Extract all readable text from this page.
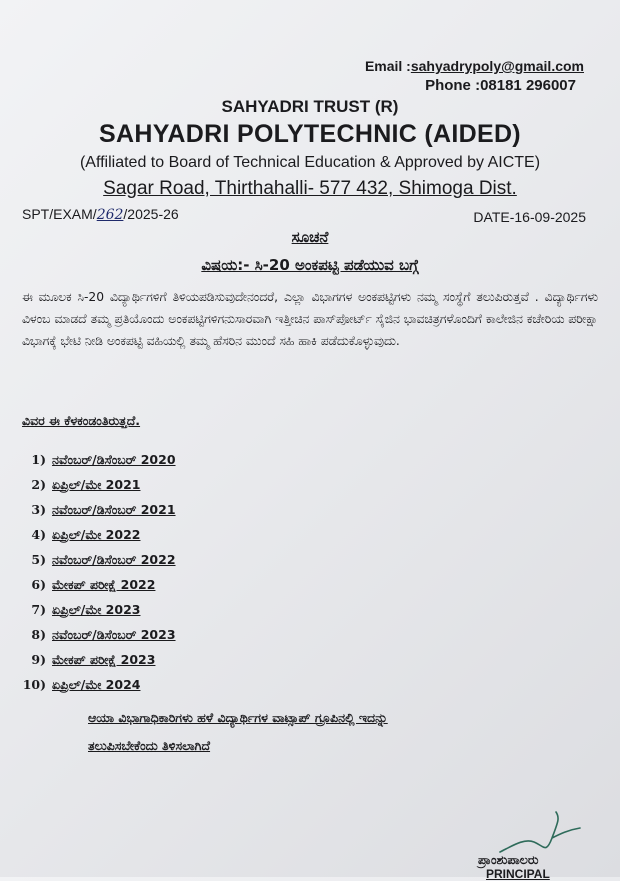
Email :sahyadrypoly@gmail.com
Phone :08181 296007
SAHYADRI TRUST (R)
SAHYADRI POLYTECHNIC (AIDED)
(Affiliated to Board of Technical Education & Approved by AICTE)
Sagar Road, Thirthahalli- 577 432, Shimoga Dist.
SPT/EXAM/262/2025-26	DATE-16-09-2025
ಸೂಚನೆ
ವಿಷಯ:- ಸಿ-20 ಅಂಕಪಟ್ಟಿ ಪಡೆಯುವ ಬಗ್ಗೆ

ಈ ಮೂಲಕ ಸಿ-20 ವಿದ್ಯಾರ್ಥಿಗಳಿಗೆ ತಿಳಿಯಪಡಿಸುವುದೇನಂದರೆ, ಎಲ್ಲಾ ವಿಭಾಗಗಳ ಅಂಕಪಟ್ಟಿಗಳು ನಮ್ಮ ಸಂಸ್ಥೆಗೆ ತಲುಪಿರುತ್ತವೆ . ವಿದ್ಯಾರ್ಥಿಗಳು ವಿಳಂಬ ಮಾಡದೆ ತಮ್ಮ ಪ್ರತಿಯೊಂದು ಅಂಕಪಟ್ಟಿಗಳಿಗನುಸಾರವಾಗಿ ಇತ್ತೀಚಿನ ಪಾಸ್‌ಪೋರ್ಟ್ ಸೈಜಿನ ಭಾವಚಿತ್ರಗಳೊಂದಿಗೆ ಕಾಲೇಜಿನ ಕಚೇರಿಯ ಪರೀಕ್ಷಾ ವಿಭಾಗಕ್ಕೆ ಭೇಟಿ ನೀಡಿ ಅಂಕಪಟ್ಟಿ ವಹಿಯಲ್ಲಿ ತಮ್ಮ ಹೆಸರಿನ ಮುಂದೆ ಸಹಿ ಹಾಕಿ ಪಡೆದುಕೊಳ್ಳುವುದು.

ವಿವರ ಈ ಕೆಳಕಂಡಂತಿರುತ್ತದೆ.
1) ನವೆಂಬರ್/ಡಿಸೆಂಬರ್ 2020
2) ಏಪ್ರಿಲ್/ಮೇ 2021
3) ನವೆಂಬರ್/ಡಿಸೆಂಬರ್ 2021
4) ಏಪ್ರಿಲ್/ಮೇ 2022
5) ನವೆಂಬರ್/ಡಿಸೆಂಬರ್ 2022
6) ಮೇಕಪ್ ಪರೀಕ್ಷೆ 2022
7) ಏಪ್ರಿಲ್/ಮೇ 2023
8) ನವೆಂಬರ್/ಡಿಸೆಂಬರ್ 2023
9) ಮೇಕಪ್ ಪರೀಕ್ಷೆ 2023
10) ಏಪ್ರಿಲ್/ಮೇ 2024
ಆಯಾ ವಿಭಾಗಾಧಿಕಾರಿಗಳು ಹಳೆ ವಿದ್ಯಾರ್ಥಿಗಳ ವಾಟ್ಸಾಪ್ ಗ್ರೂಪಿನಲ್ಲಿ ಇದನ್ನು
ತಲುಪಿಸಬೇಕೆಂದು ತಿಳಿಸಲಾಗಿದೆ
ಪ್ರಾಂಶುಪಾಲರು
PRINCIPAL
